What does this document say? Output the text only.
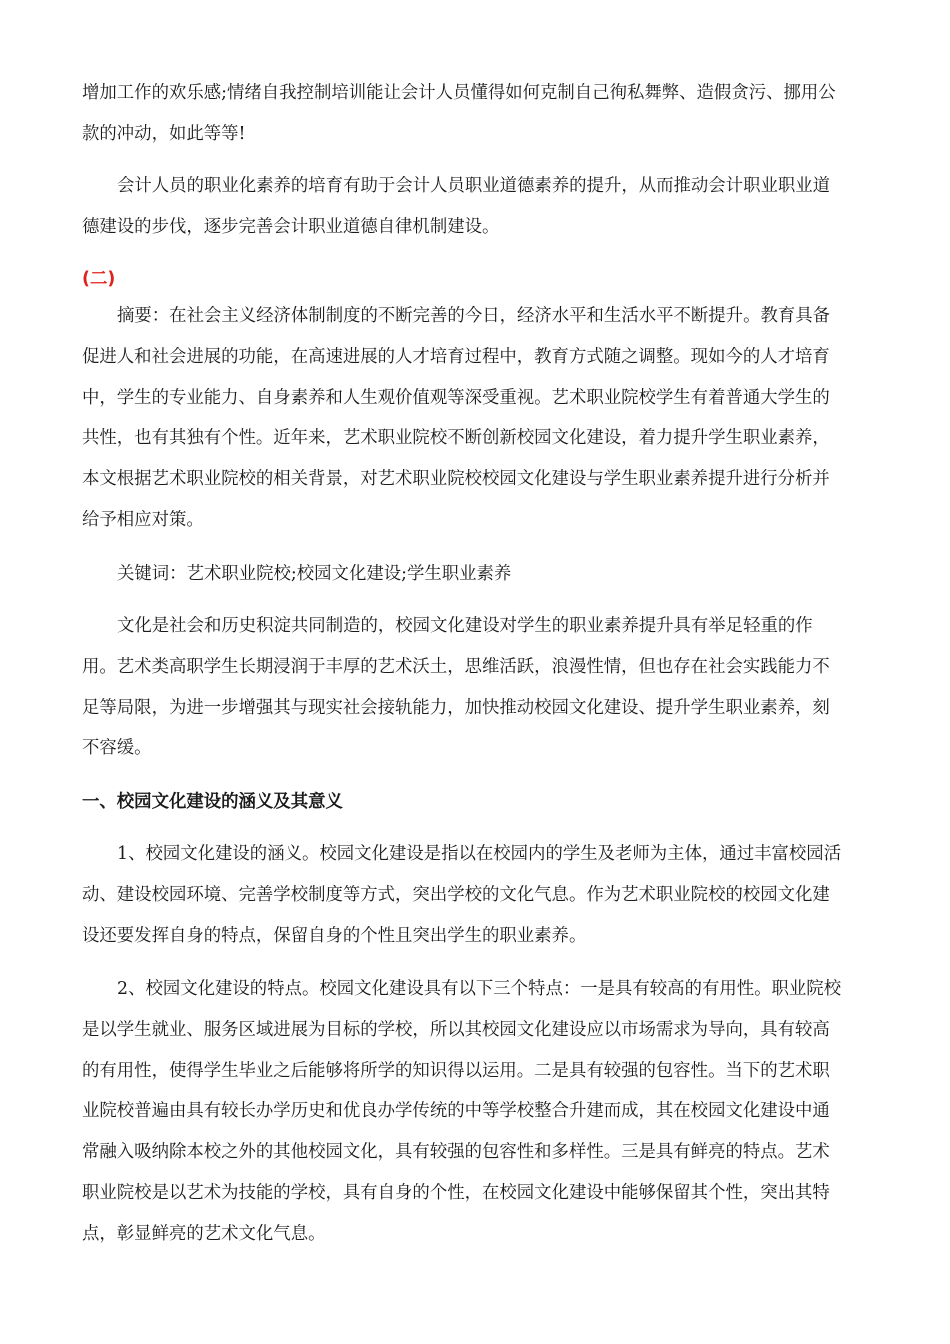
增加工作的欢乐感;情绪自我控制培训能让会计人员懂得如何克制自己徇私舞弊、造假贪污、挪用公
款的冲动，如此等等!
会计人员的职业化素养的培育有助于会计人员职业道德素养的提升，从而推动会计职业职业道
德建设的步伐，逐步完善会计职业道德自律机制建设。
(二)
摘要：在社会主义经济体制制度的不断完善的今日，经济水平和生活水平不断提升。教育具备
促进人和社会进展的功能，在高速进展的人才培育过程中，教育方式随之调整。现如今的人才培育
中，学生的专业能力、自身素养和人生观价值观等深受重视。艺术职业院校学生有着普通大学生的
共性，也有其独有个性。近年来，艺术职业院校不断创新校园文化建设，着力提升学生职业素养，
本文根据艺术职业院校的相关背景，对艺术职业院校校园文化建设与学生职业素养提升进行分析并
给予相应对策。
关键词：艺术职业院校;校园文化建设;学生职业素养
文化是社会和历史积淀共同制造的，校园文化建设对学生的职业素养提升具有举足轻重的作
用。艺术类高职学生长期浸润于丰厚的艺术沃土，思维活跃，浪漫性情，但也存在社会实践能力不
足等局限，为进一步增强其与现实社会接轨能力，加快推动校园文化建设、提升学生职业素养，刻
不容缓。
一、校园文化建设的涵义及其意义
1、校园文化建设的涵义。校园文化建设是指以在校园内的学生及老师为主体，通过丰富校园活
动、建设校园环境、完善学校制度等方式，突出学校的文化气息。作为艺术职业院校的校园文化建
设还要发挥自身的特点，保留自身的个性且突出学生的职业素养。
2、校园文化建设的特点。校园文化建设具有以下三个特点：一是具有较高的有用性。职业院校
是以学生就业、服务区域进展为目标的学校，所以其校园文化建设应以市场需求为导向，具有较高
的有用性，使得学生毕业之后能够将所学的知识得以运用。二是具有较强的包容性。当下的艺术职
业院校普遍由具有较长办学历史和优良办学传统的中等学校整合升建而成，其在校园文化建设中通
常融入吸纳除本校之外的其他校园文化，具有较强的包容性和多样性。三是具有鲜亮的特点。艺术
职业院校是以艺术为技能的学校，具有自身的个性，在校园文化建设中能够保留其个性，突出其特
点，彰显鲜亮的艺术文化气息。
